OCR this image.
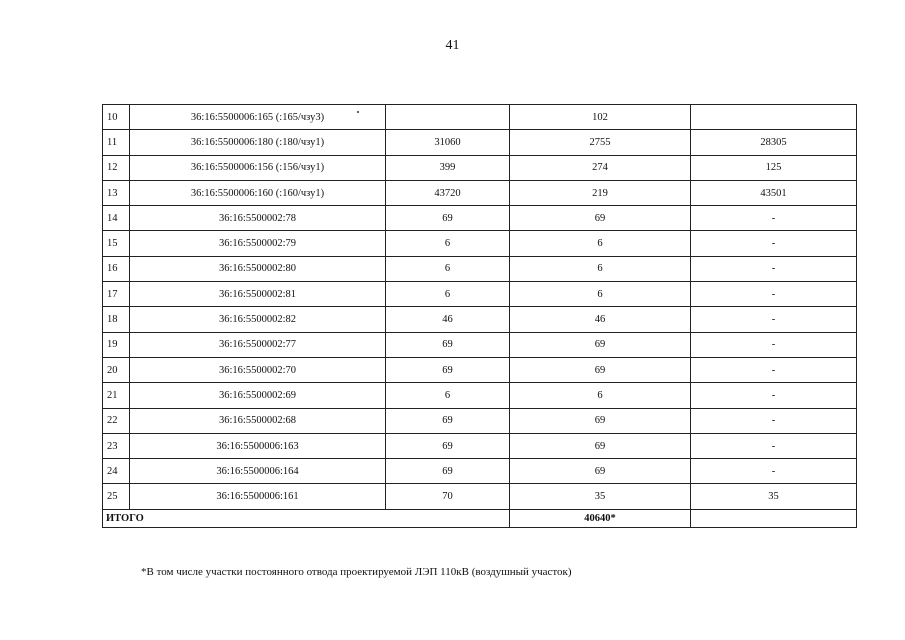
41
10	36:16:5500006:165 (:165/чзу3)		102	
11	36:16:5500006:180 (:180/чзу1)	31060	2755	28305
12	36:16:5500006:156 (:156/чзу1)	399	274	125
13	36:16:5500006:160 (:160/чзу1)	43720	219	43501
14	36:16:5500002:78	69	69	-
15	36:16:5500002:79	6	6	-
16	36:16:5500002:80	6	6	-
17	36:16:5500002:81	6	6	-
18	36:16:5500002:82	46	46	-
19	36:16:5500002:77	69	69	-
20	36:16:5500002:70	69	69	-
21	36:16:5500002:69	6	6	-
22	36:16:5500002:68	69	69	-
23	36:16:5500006:163	69	69	-
24	36:16:5500006:164	69	69	-
25	36:16:5500006:161	70	35	35
ИТОГО			40640*	
*В том числе участки постоянного отвода проектируемой ЛЭП 110кВ (воздушный участок)
